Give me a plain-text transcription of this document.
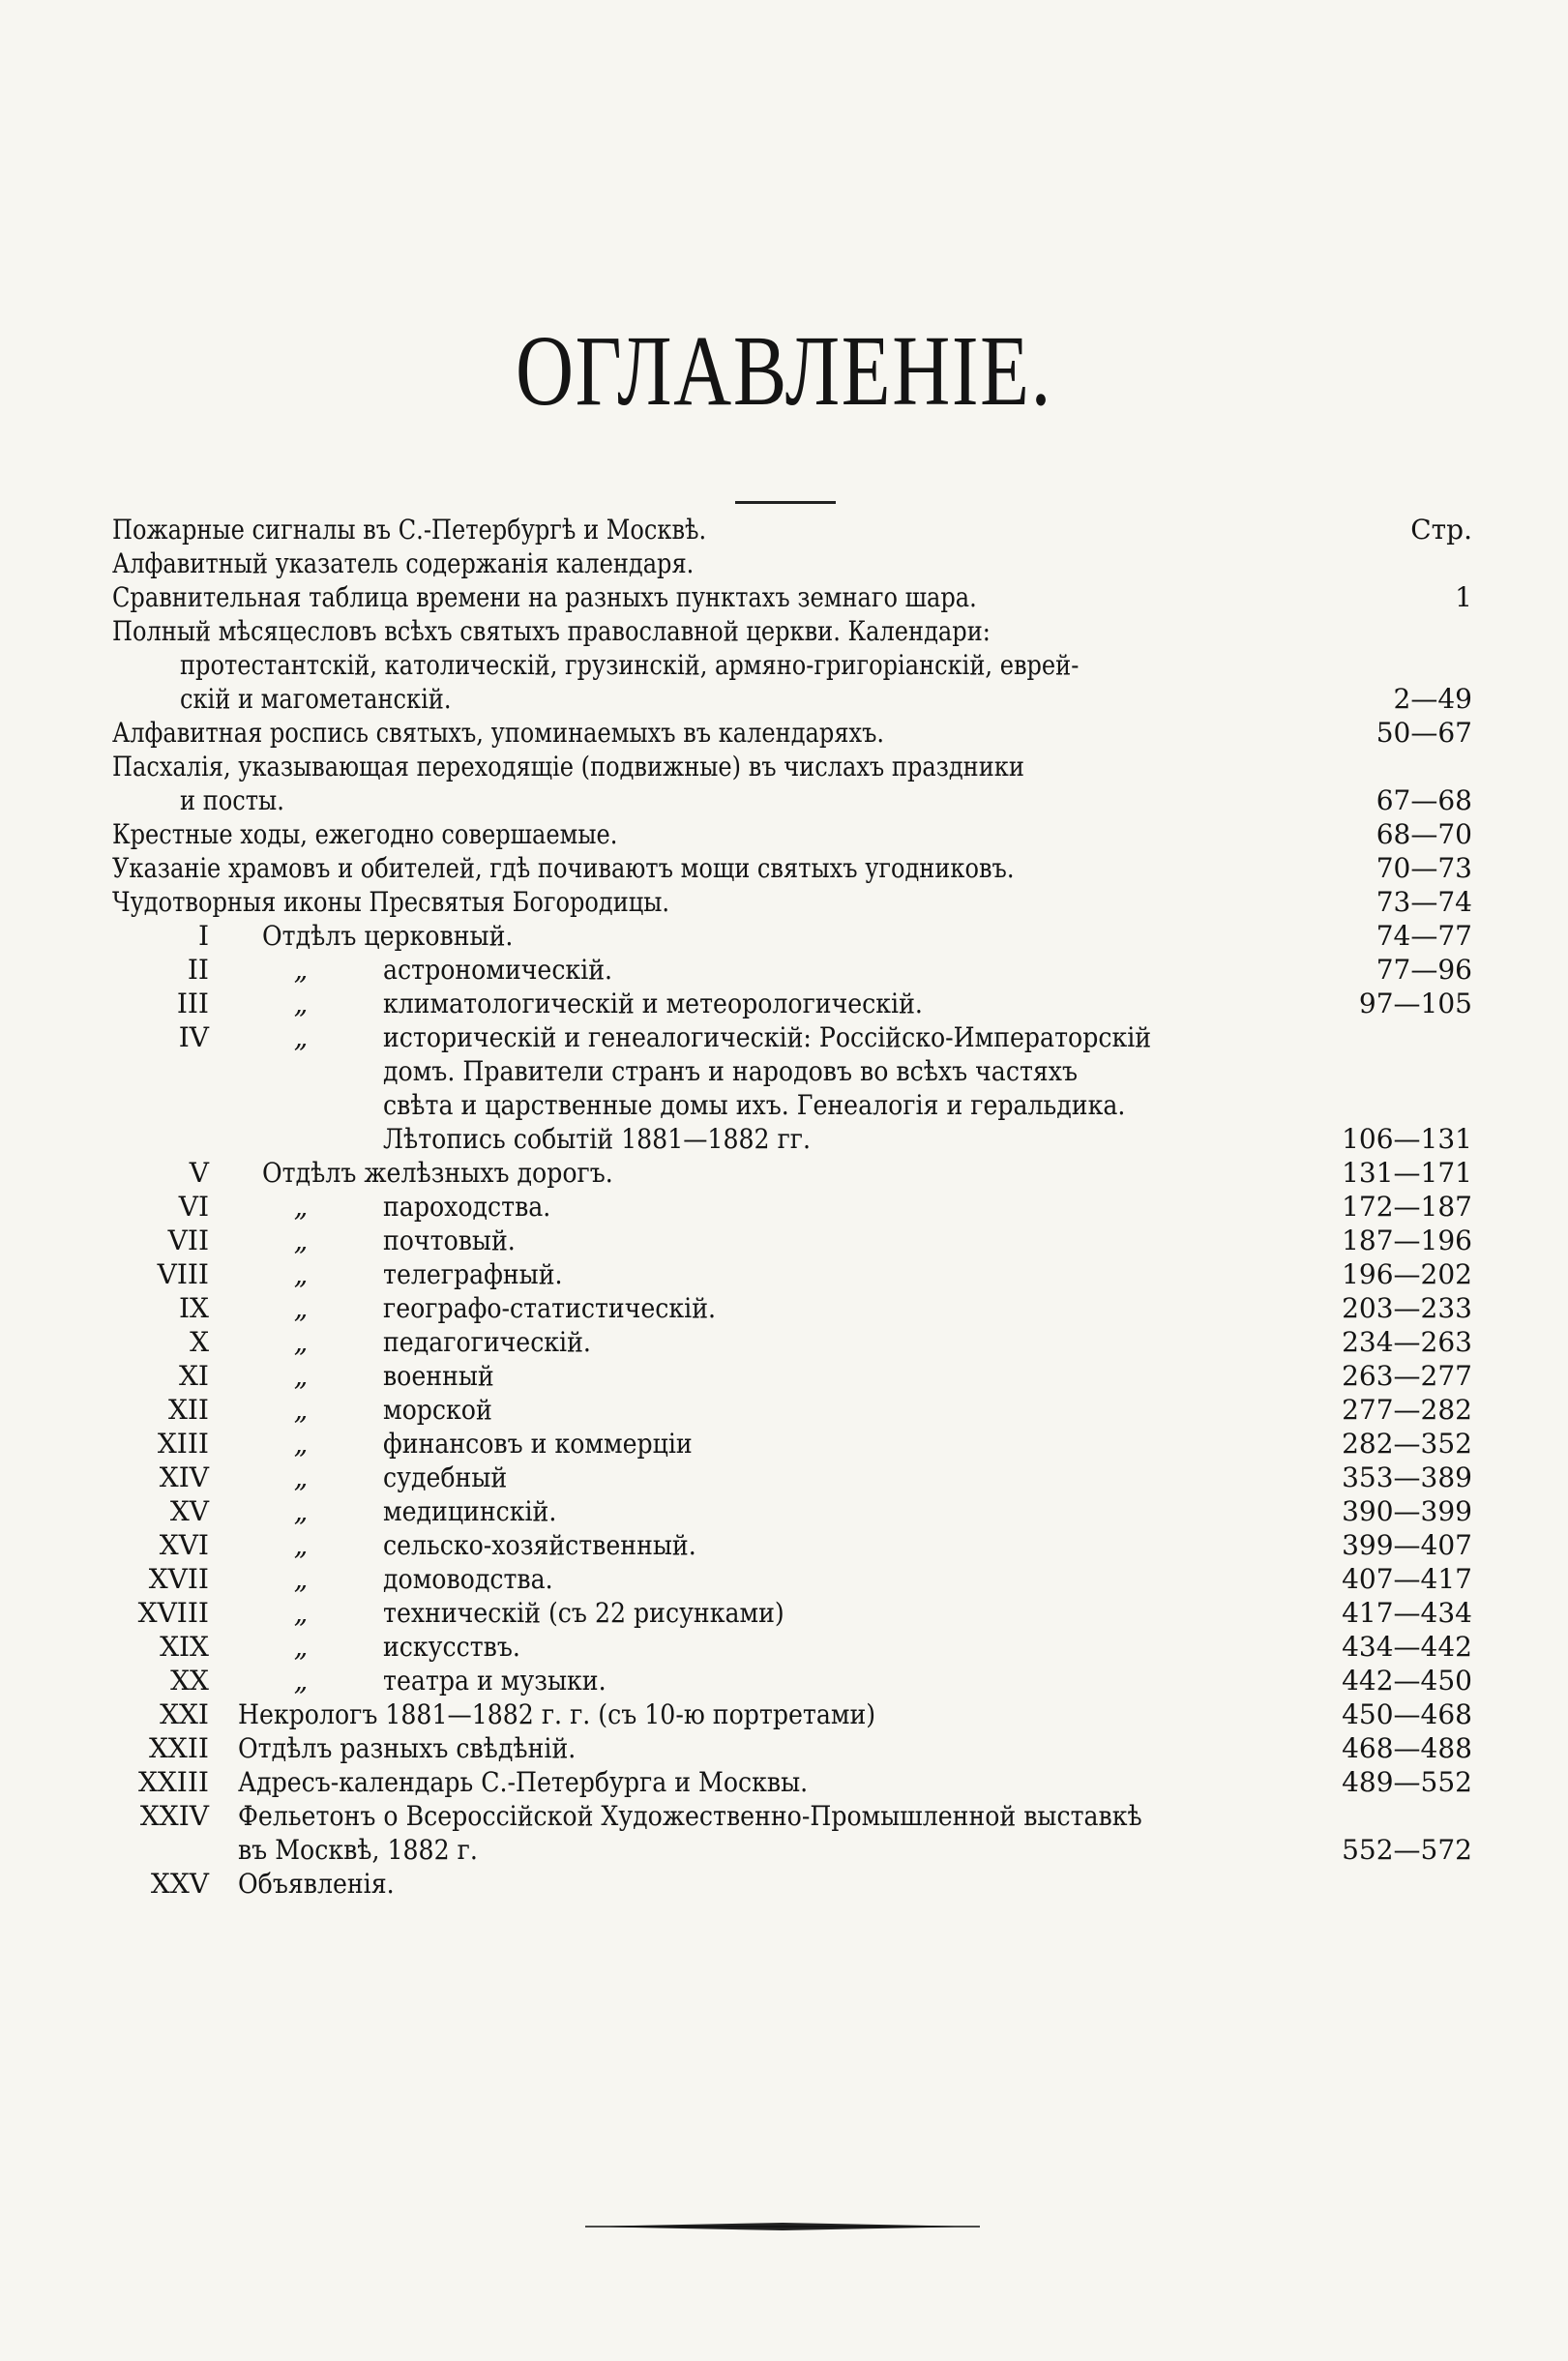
ОГЛАВЛЕНІЕ.
Пожарные сигналы въ С.-Петербургѣ и Москвѣ.	Стр.
Алфавитный указатель содержанія календаря.
Сравнительная таблица времени на разныхъ пунктахъ земнаго шара.	1
Полный мѣсяцесловъ всѣхъ святыхъ православной церкви. Календари:
протестантскій, католическій, грузинскій, армяно-григоріанскій, еврей-
скій и магометанскій.	2—49
Алфавитная роспись святыхъ, упоминаемыхъ въ календаряхъ.	50—67
Пасхалія, указывающая переходящіе (подвижные) въ числахъ праздники
и посты.	67—68
Крестные ходы, ежегодно совершаемые.	68—70
Указаніе храмовъ и обителей, гдѣ почиваютъ мощи святыхъ угодниковъ.	70—73
Чудотворныя иконы Пресвятыя Богородицы.	73—74
I Отдѣлъ церковный.	74—77
II	„	астрономическій.	77—96
III	„	климатологическій и метеорологическій.	97—105
IV	„	историческій и генеалогическій: Россійско-Императорскій
домъ. Правители странъ и народовъ во всѣхъ частяхъ
свѣта и царственные домы ихъ. Генеалогія и геральдика.
Лѣтопись событій 1881—1882 гг.	106—131
V Отдѣлъ желѣзныхъ дорогъ.	131—171
VI	„	пароходства.	172—187
VII	„	почтовый.	187—196
VIII	„	телеграфный.	196—202
IX	„	географо-статистическій.	203—233
X	„	педагогическій.	234—263
XI	„	военный	263—277
XII	„	морской	277—282
XIII	„	финансовъ и коммерціи	282—352
XIV	„	судебный	353—389
XV	„	медицинскій.	390—399
XVI	„	сельско-хозяйственный.	399—407
XVII	„	домоводства.	407—417
XVIII	„	техническій (съ 22 рисунками)	417—434
XIX	„	искусствъ.	434—442
XX	„	театра и музыки.	442—450
XXI Некрологъ 1881—1882 г. г. (съ 10-ю портретами)	450—468
XXII Отдѣлъ разныхъ свѣдѣній.	468—488
XXIII Адресъ-календарь С.-Петербурга и Москвы.	489—552
XXIV Фельетонъ о Всероссійской Художественно-Промышленной выставкѣ
въ Москвѣ, 1882 г.	552—572
XXV Объявленія.
